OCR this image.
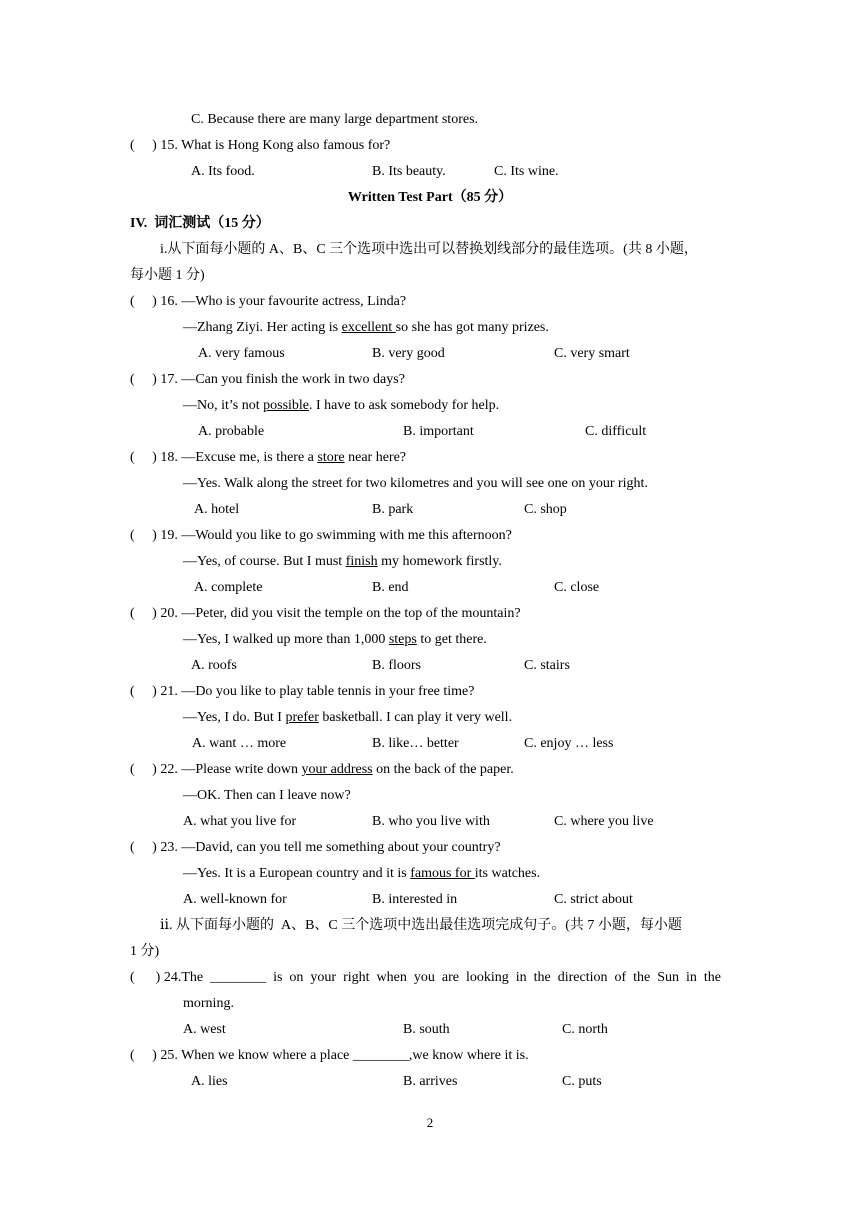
C. Because there are many large department stores.
(     ) 15. What is Hong Kong also famous for?
A. Its food.	B. Its beauty.	C. Its wine.
Written Test Part（85 分）
IV.  词汇测试（15 分）
i.从下面每小题的 A、B、C 三个选项中选出可以替换划线部分的最佳选项。(共 8 小题，
每小题 1 分)
(     ) 16. —Who is your favourite actress, Linda?
—Zhang Ziyi. Her acting is excellent so she has got many prizes.
A. very famous	B. very good	C. very smart
(     ) 17. —Can you finish the work in two days?
—No, it’s not possible. I have to ask somebody for help.
A. probable	B. important	C. difficult
(     ) 18. —Excuse me, is there a store near here?
—Yes. Walk along the street for two kilometres and you will see one on your right.
A. hotel	B. park	C. shop
(     ) 19. —Would you like to go swimming with me this afternoon?
—Yes, of course. But I must finish my homework firstly.
A. complete	B. end	C. close
(     ) 20. —Peter, did you visit the temple on the top of the mountain?
—Yes, I walked up more than 1,000 steps to get there.
A. roofs	B. floors	C. stairs
(     ) 21. —Do you like to play table tennis in your free time?
—Yes, I do. But I prefer basketball. I can play it very well.
A. want … more	B. like… better	C. enjoy … less
(     ) 22. —Please write down your address on the back of the paper.
—OK. Then can I leave now?
A. what you live for	B. who you live with	C. where you live
(     ) 23. —David, can you tell me something about your country?
—Yes. It is a European country and it is famous for its watches.
A. well-known for	B. interested in	C. strict about
ⅱ. 从下面每小题的  A、B、C 三个选项中选出最佳选项完成句子。(共 7 小题，每小题
1 分)
(      ) 24.The  ________  is  on  your  right  when  you  are  looking  in  the  direction  of  the  Sun  in  the
morning.
A. west	B. south	C. north
(     ) 25. When we know where a place ________,we know where it is.
A. lies	B. arrives	C. puts
2
